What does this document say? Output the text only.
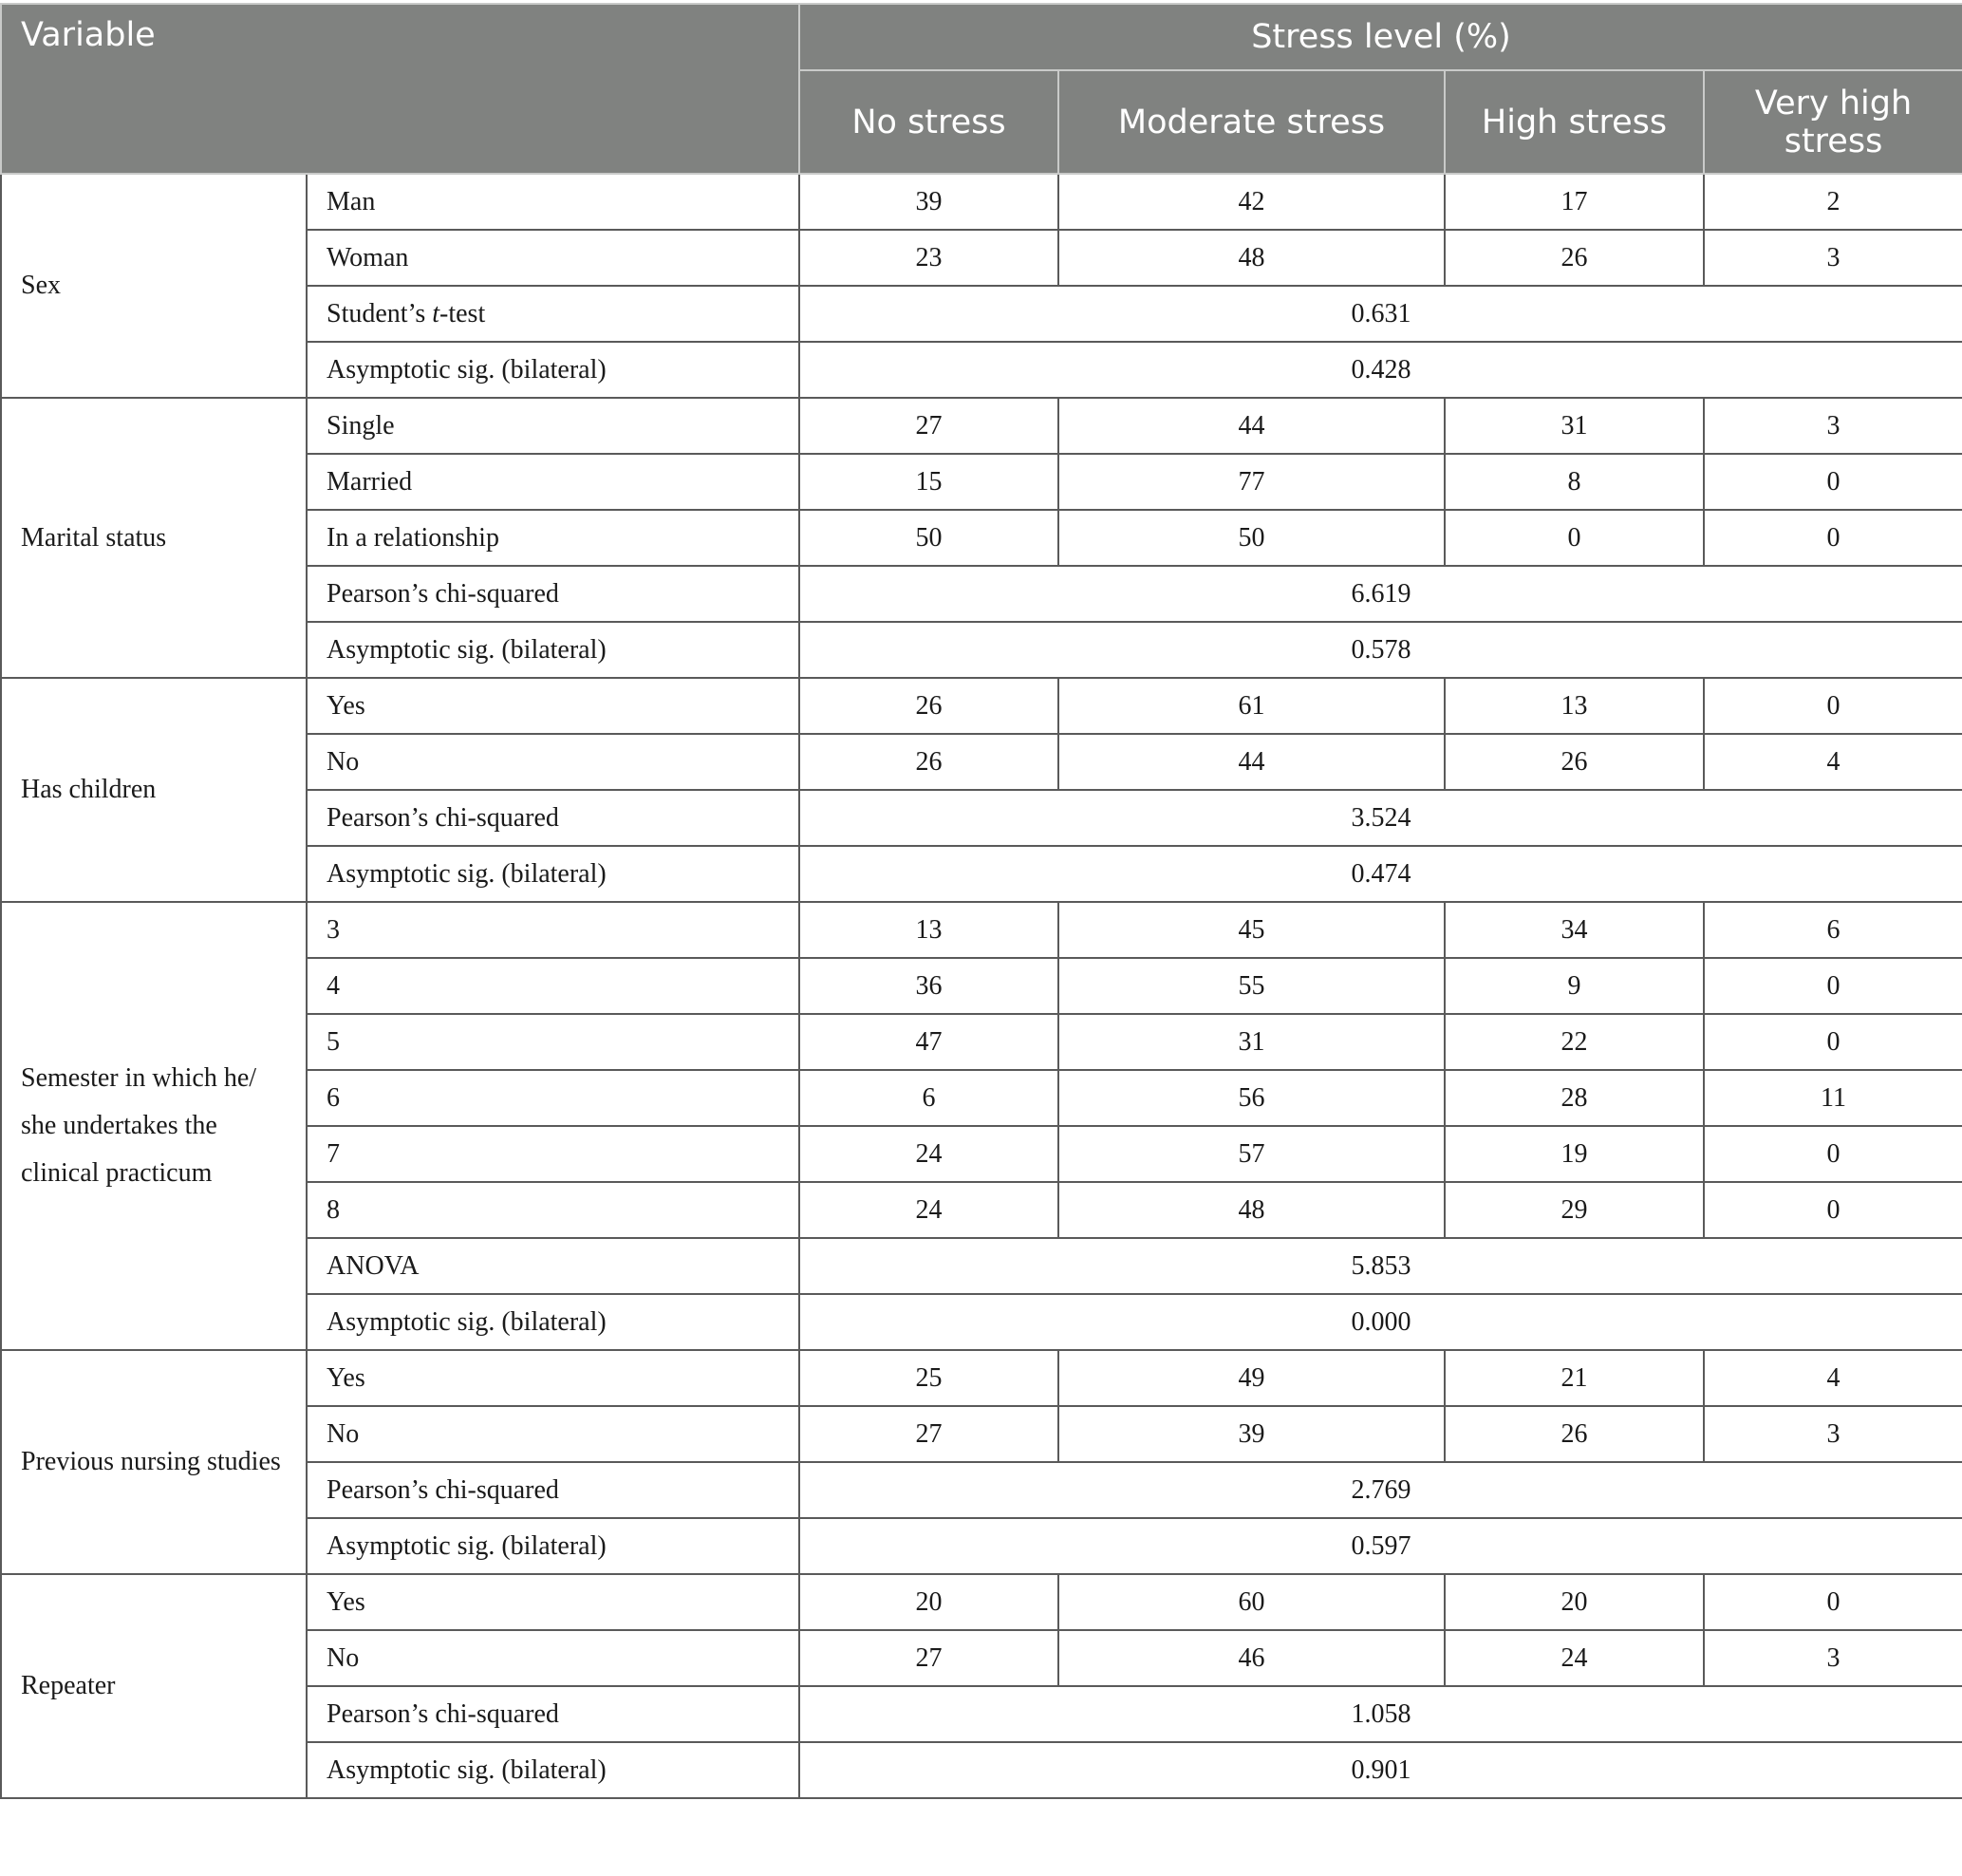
Variable		Stress level (%)			
		No stress	Moderate stress	High stress	Very high stress
Sex	Man	39	42	17	2
	Woman	23	48	26	3
	Student’s t-test	0.631			
	Asymptotic sig. (bilateral)	0.428			
Marital status	Single	27	44	31	3
	Married	15	77	8	0
	In a relationship	50	50	0	0
	Pearson’s chi-squared	6.619			
	Asymptotic sig. (bilateral)	0.578			
Has children	Yes	26	61	13	0
	No	26	44	26	4
	Pearson’s chi-squared	3.524			
	Asymptotic sig. (bilateral)	0.474			
Semester in which he/ she undertakes the clinical practicum	3	13	45	34	6
	4	36	55	9	0
	5	47	31	22	0
	6	6	56	28	11
	7	24	57	19	0
	8	24	48	29	0
	ANOVA	5.853			
	Asymptotic sig. (bilateral)	0.000			
Previous nursing studies	Yes	25	49	21	4
	No	27	39	26	3
	Pearson’s chi-squared	2.769			
	Asymptotic sig. (bilateral)	0.597			
Repeater	Yes	20	60	20	0
	No	27	46	24	3
	Pearson’s chi-squared	1.058			
	Asymptotic sig. (bilateral)	0.901			
